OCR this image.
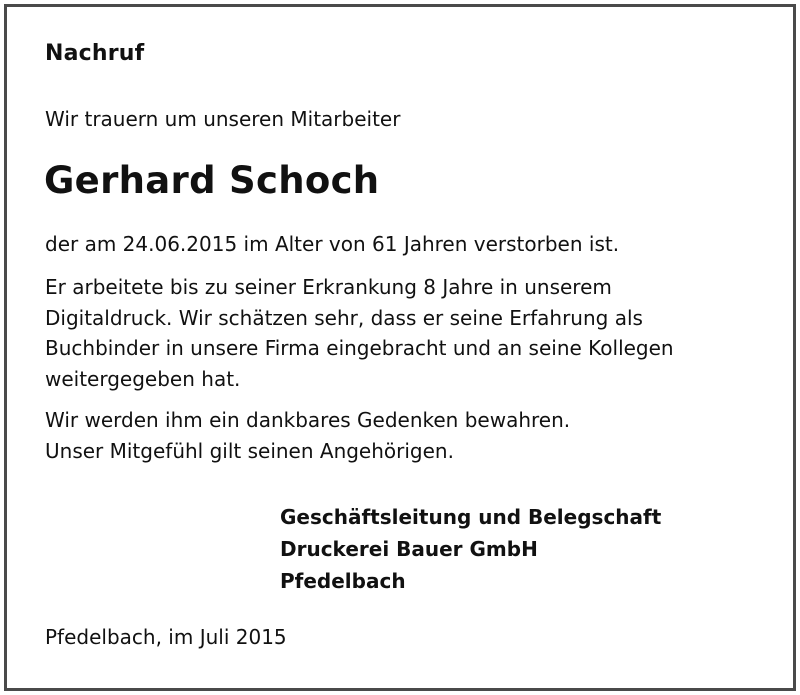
Nachruf
Wir trauern um unseren Mitarbeiter
Gerhard Schoch
der am 24.06.2015 im Alter von 61 Jahren verstorben ist.
Er arbeitete bis zu seiner Erkrankung 8 Jahre in unserem
Digitaldruck. Wir schätzen sehr, dass er seine Erfahrung als
Buchbinder in unsere Firma eingebracht und an seine Kollegen
weitergegeben hat.
Wir werden ihm ein dankbares Gedenken bewahren.
Unser Mitgefühl gilt seinen Angehörigen.
Geschäftsleitung und Belegschaft
Druckerei Bauer GmbH
Pfedelbach
Pfedelbach, im Juli 2015
